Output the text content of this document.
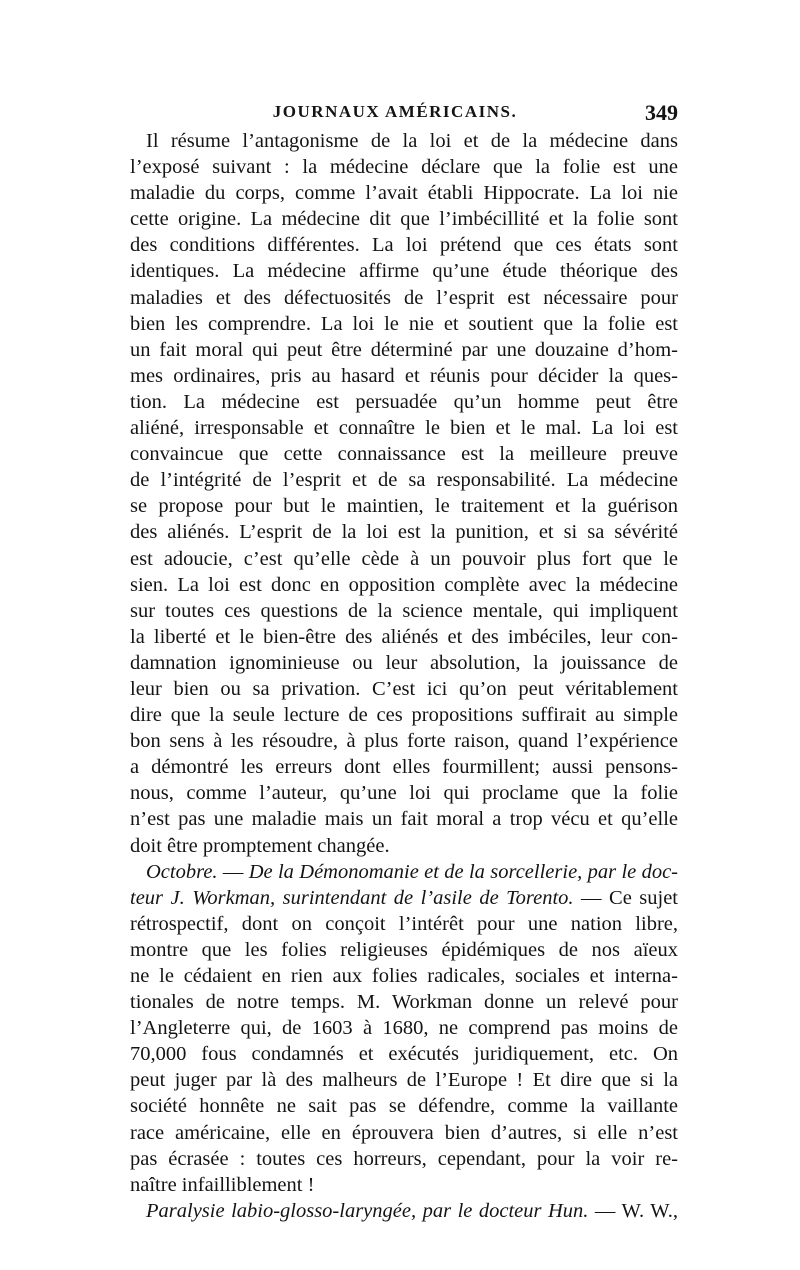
JOURNAUX AMÉRICAINS.	349
Il résume l’antagonisme de la loi et de la médecine dans
l’exposé suivant : la médecine déclare que la folie est une
maladie du corps, comme l’avait établi Hippocrate. La loi nie
cette origine. La médecine dit que l’imbécillité et la folie sont
des conditions différentes. La loi prétend que ces états sont
identiques. La médecine affirme qu’une étude théorique des
maladies et des défectuosités de l’esprit est nécessaire pour
bien les comprendre. La loi le nie et soutient que la folie est
un fait moral qui peut être déterminé par une douzaine d’hom-
mes ordinaires, pris au hasard et réunis pour décider la ques-
tion. La médecine est persuadée qu’un homme peut être
aliéné, irresponsable et connaître le bien et le mal. La loi est
convaincue que cette connaissance est la meilleure preuve
de l’intégrité de l’esprit et de sa responsabilité. La médecine
se propose pour but le maintien, le traitement et la guérison
des aliénés. L’esprit de la loi est la punition, et si sa sévérité
est adoucie, c’est qu’elle cède à un pouvoir plus fort que le
sien. La loi est donc en opposition complète avec la médecine
sur toutes ces questions de la science mentale, qui impliquent
la liberté et le bien-être des aliénés et des imbéciles, leur con-
damnation ignominieuse ou leur absolution, la jouissance de
leur bien ou sa privation. C’est ici qu’on peut véritablement
dire que la seule lecture de ces propositions suffirait au simple
bon sens à les résoudre, à plus forte raison, quand l’expérience
a démontré les erreurs dont elles fourmillent; aussi pensons-
nous, comme l’auteur, qu’une loi qui proclame que la folie
n’est pas une maladie mais un fait moral a trop vécu et qu’elle
doit être promptement changée.
Octobre. — De la Démonomanie et de la sorcellerie, par le doc-
teur J. Workman, surintendant de l’asile de Torento. — Ce sujet
rétrospectif, dont on conçoit l’intérêt pour une nation libre,
montre que les folies religieuses épidémiques de nos aïeux
ne le cédaient en rien aux folies radicales, sociales et interna-
tionales de notre temps. M. Workman donne un relevé pour
l’Angleterre qui, de 1603 à 1680, ne comprend pas moins de
70,000 fous condamnés et exécutés juridiquement, etc. On
peut juger par là des malheurs de l’Europe ! Et dire que si la
société honnête ne sait pas se défendre, comme la vaillante
race américaine, elle en éprouvera bien d’autres, si elle n’est
pas écrasée : toutes ces horreurs, cependant, pour la voir re-
naître infailliblement !
Paralysie labio-glosso-laryngée, par le docteur Hun. — W. W.,
